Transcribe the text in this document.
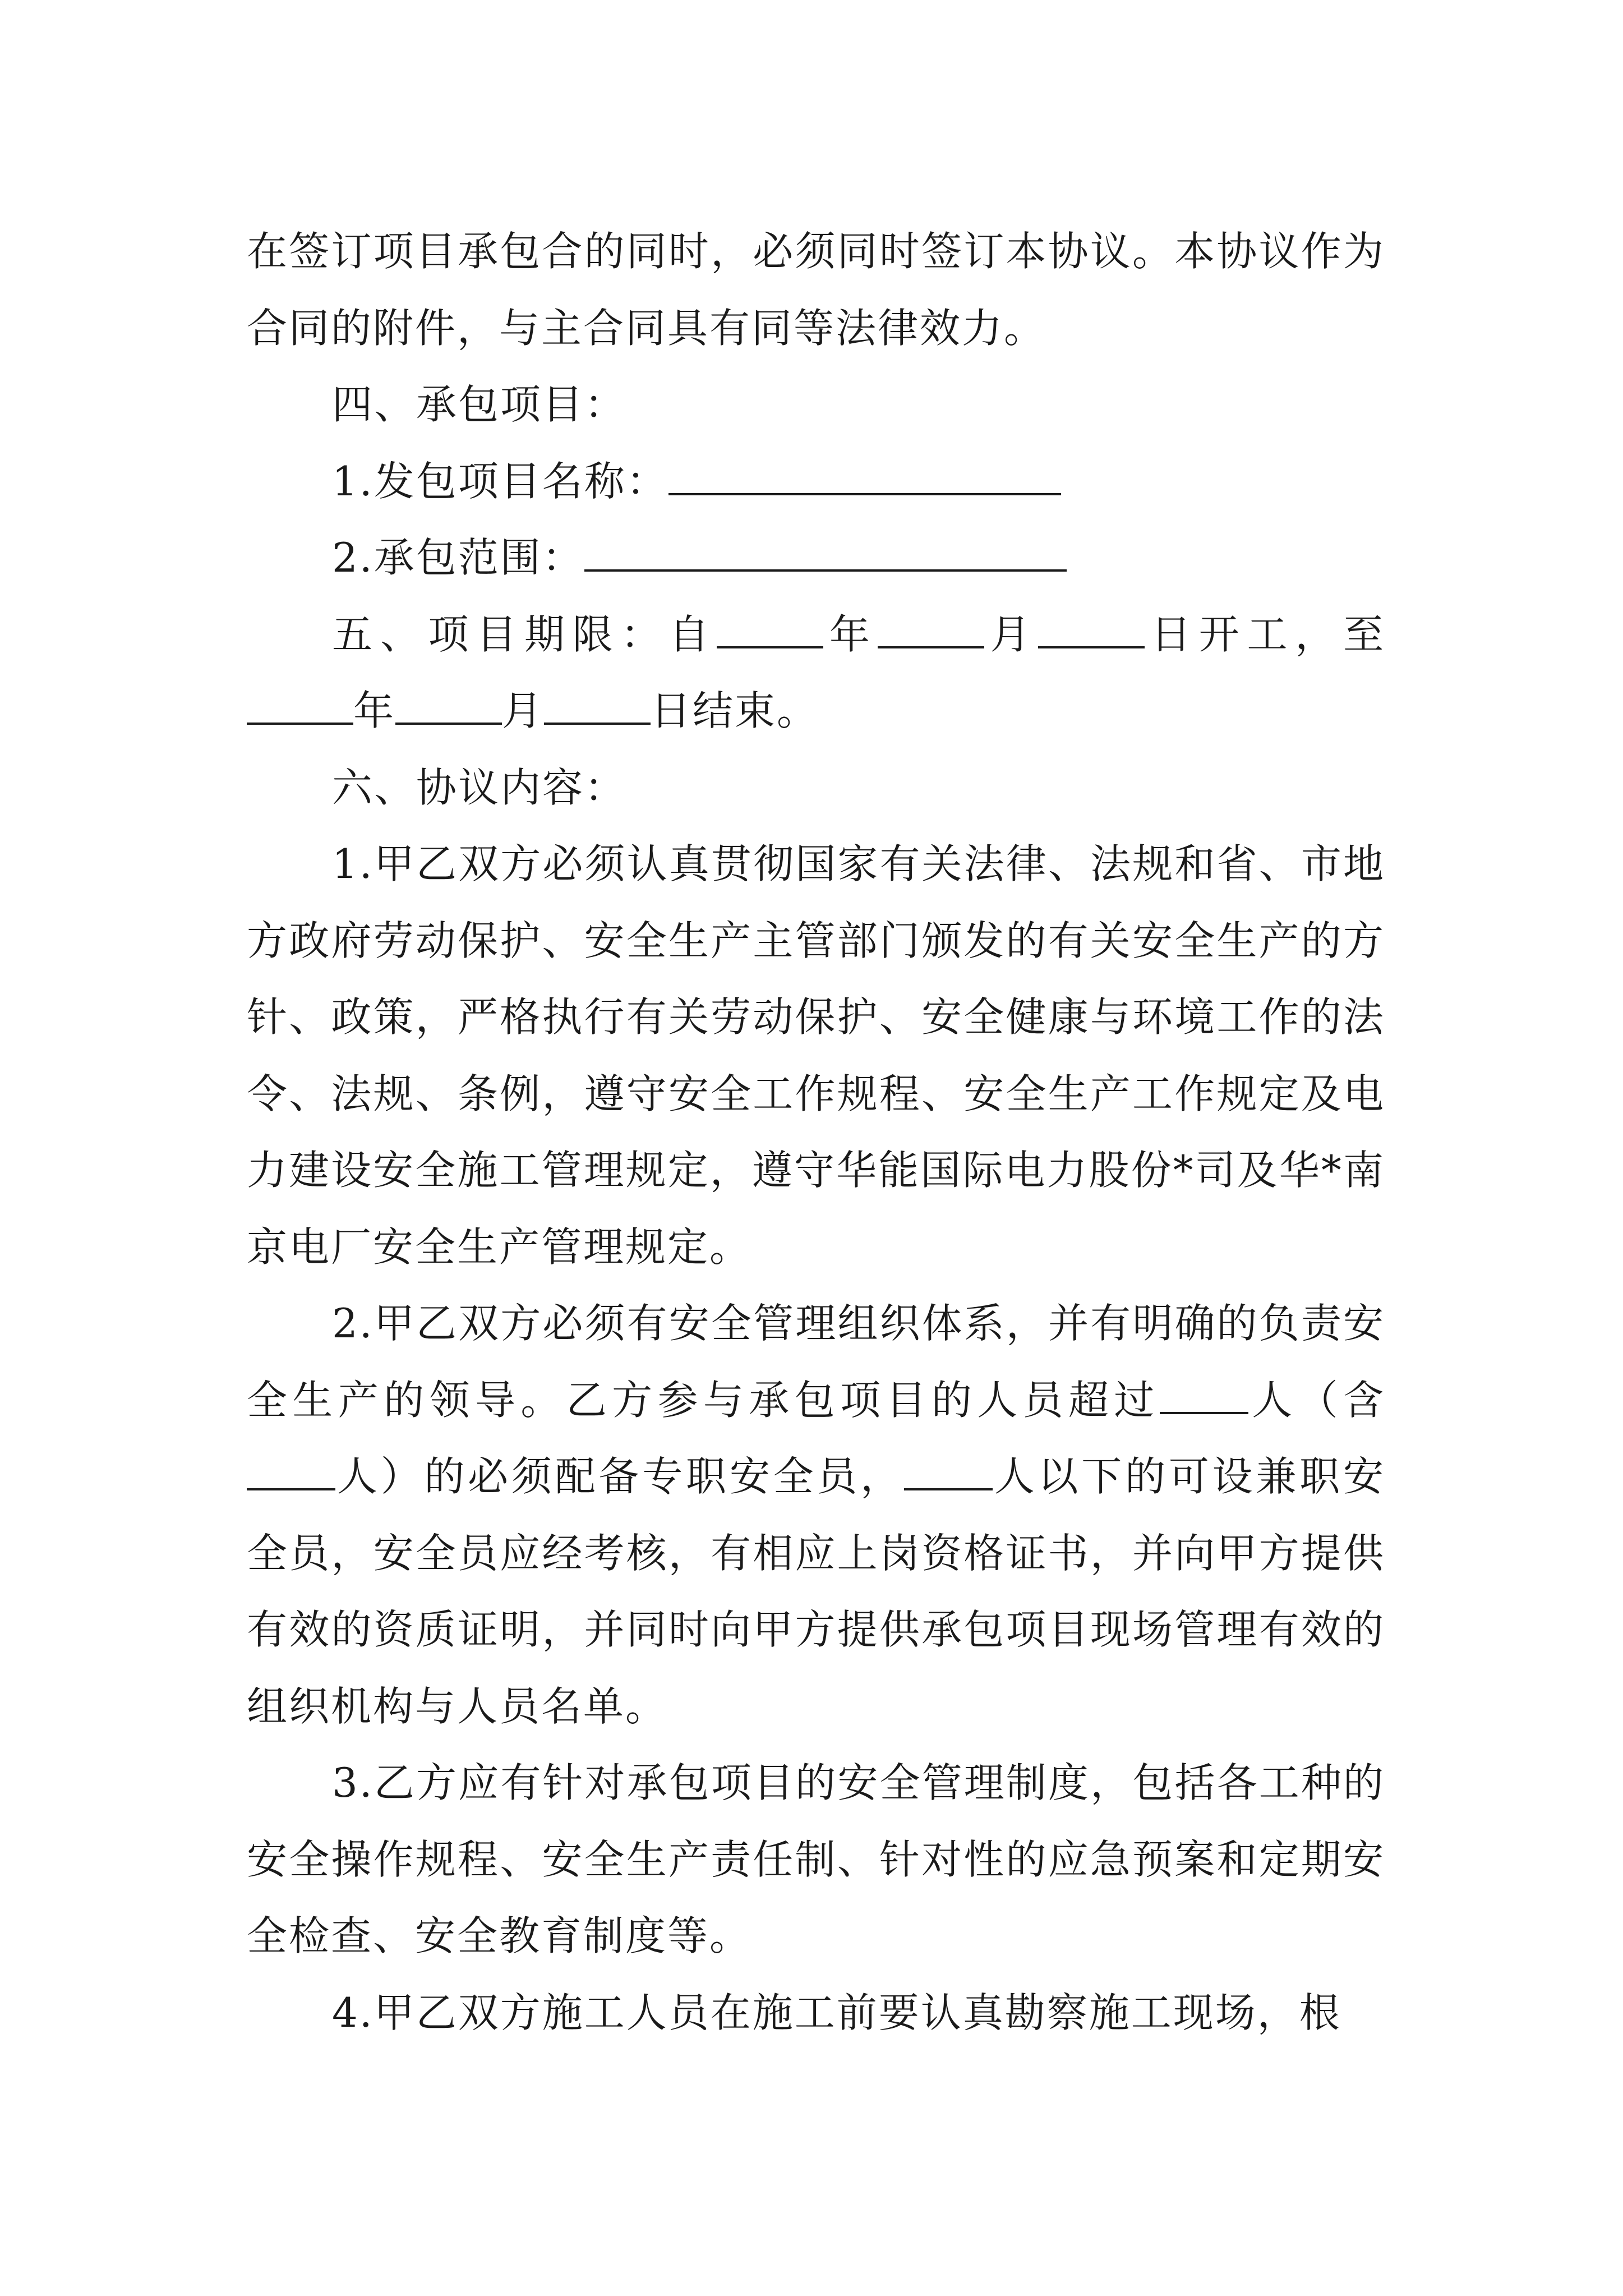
在签订项目承包合的同时，必须同时签订本协议。本协议作为合同的附件，与主合同具有同等法律效力。

四、承包项目：

1.发包项目名称：

2.承包范围：

五、项目期限：自	年	月	日开工，至年	月	日结束。

六、协议内容：

1.甲乙双方必须认真贯彻国家有关法律、法规和省、市地方政府劳动保护、安全生产主管部门颁发的有关安全生产的方针、政策，严格执行有关劳动保护、安全健康与环境工作的法令、法规、条例，遵守安全工作规程、安全生产工作规定及电力建设安全施工管理规定，遵守华能国际电力股份*司及华*南京电厂安全生产管理规定。

2.甲乙双方必须有安全管理组织体系，并有明确的负责安全生产的领导。乙方参与承包项目的人员超过 人（含人）的必须配备专职安全员， 人以下的可设兼职安全员，安全员应经考核，有相应上岗资格证书，并向甲方提供有效的资质证明，并同时向甲方提供承包项目现场管理有效的组织机构与人员名单。

3.乙方应有针对承包项目的安全管理制度，包括各工种的安全操作规程、安全生产责任制、针对性的应急预案和定期安全检查、安全教育制度等。

4.甲乙双方施工人员在施工前要认真勘察施工现场，根
